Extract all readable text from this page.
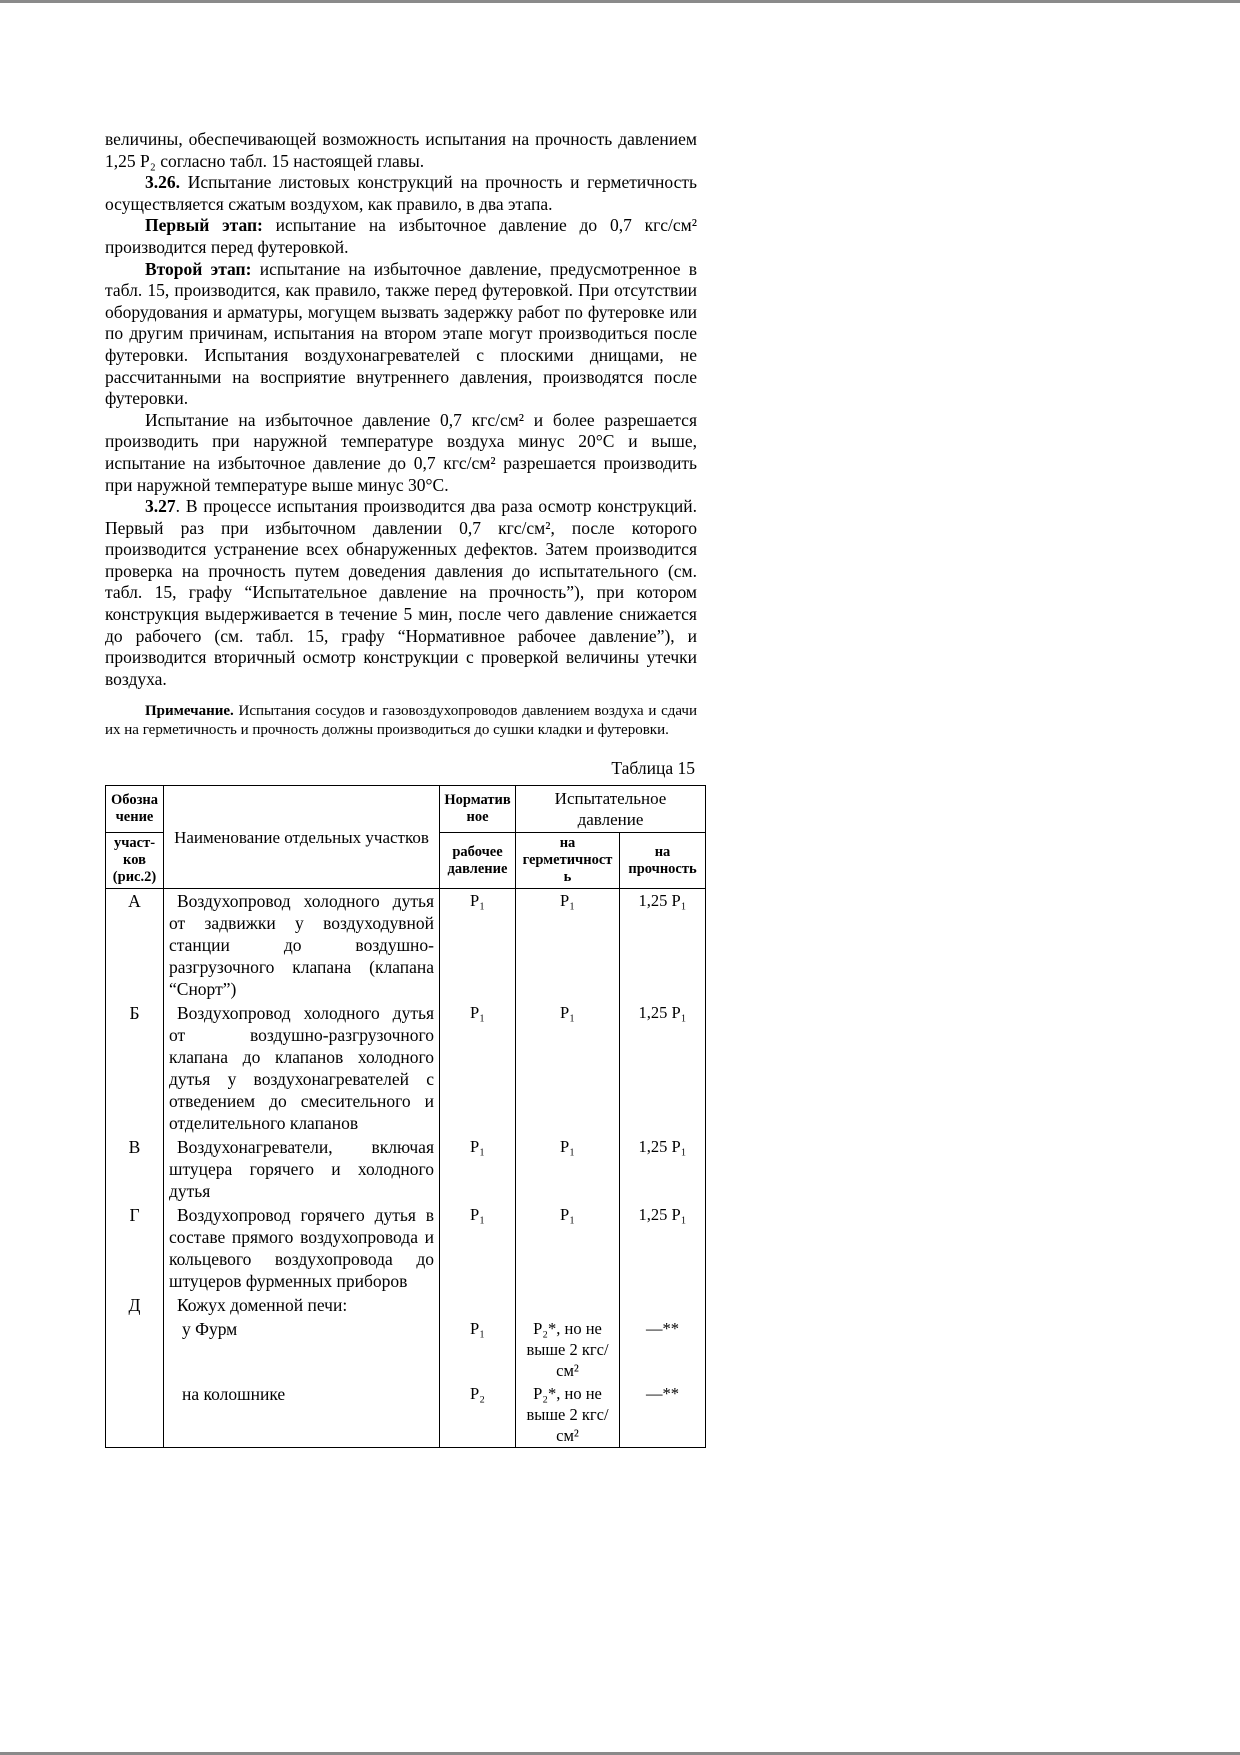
величины, обеспечивающей возможность испытания на прочность давлением 1,25 Р₂ согласно табл. 15 настоящей главы.

3.26. Испытание листовых конструкций на прочность и герметичность осуществляется сжатым воздухом, как правило, в два этапа.

Первый этап: испытание на избыточное давление до 0,7 кгс/см² производится перед футеровкой.

Второй этап: испытание на избыточное давление, предусмотренное в табл. 15, производится, как правило, также перед футеровкой. При отсутствии оборудования и арматуры, могущем вызвать задержку работ по футеровке или по другим причинам, испытания на втором этапе могут производиться после футеровки. Испытания воздухонагревателей с плоскими днищами, не рассчитанными на восприятие внутреннего давления, производятся после футеровки.

Испытание на избыточное давление 0,7 кгс/см² и более разрешается производить при наружной температуре воздуха минус 20°С и выше, испытание на избыточное давление до 0,7 кгс/см² разрешается производить при наружной температуре выше минус 30°С.

3.27. В процессе испытания производится два раза осмотр конструкций. Первый раз при избыточном давлении 0,7 кгс/см², после которого производится устранение всех обнаруженных дефектов. Затем производится проверка на прочность путем доведения давления до испытательного (см. табл. 15, графу “Испытательное давление на прочность”), при котором конструкция выдерживается в течение 5 мин, после чего давление снижается до рабочего (см. табл. 15, графу “Нормативное рабочее давление”), и производится вторичный осмотр конструкции с проверкой величины утечки воздуха.

Примечание. Испытания сосудов и газовоздухопроводов давлением воздуха и сдачи их на герметичность и прочность должны производиться до сушки кладки и футеровки.

Таблица 15
Обозначение	Наименование отдельных участков	Нормативное	Испытательное давление	
участ-ков (рис.2)		рабочее давление	на герметичность	на прочность
А	Воздухопровод холодного дутья от задвижки у воздуходувной станции до воздушно-разгрузочного клапана (клапана “Снорт”)	Р₁	Р₁	1,25 Р₁
Б	Воздухопровод холодного дутья от воздушно-разгрузочного клапана до клапанов холодного дутья у воздухонагревателей с отведением до смесительного и отделительного клапанов	Р₁	Р₁	1,25 Р₁
В	Воздухонагреватели, включая штуцера горячего и холодного дутья	Р₁	Р₁	1,25 Р₁
Г	Воздухопровод горячего дутья в составе прямого воздухопровода и кольцевого воздухопровода до штуцеров фурменных приборов	Р₁	Р₁	1,25 Р₁
Д	Кожух доменной печи:			
	у Фурм	Р₁	Р₂*, но не выше 2 кгс/см²	—**
	на колошнике	Р₂	Р₂*, но не выше 2 кгс/см²	—**
